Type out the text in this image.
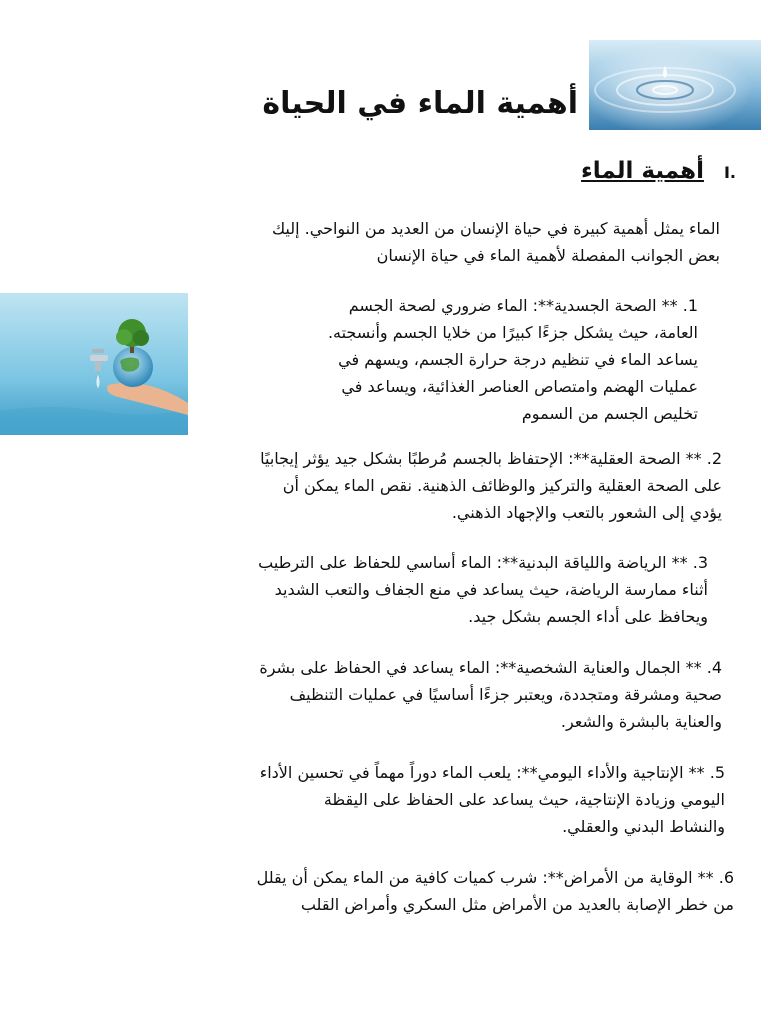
أهمية الماء في الحياة
I.
أهمية الماء
الماء يمثل أهمية كبيرة في حياة الإنسان من العديد من النواحي. إليك
بعض الجوانب المفصلة لأهمية الماء في حياة الإنسان
1. ** الصحة الجسدية**: الماء ضروري لصحة الجسم
العامة، حيث يشكل جزءًا كبيرًا من خلايا الجسم وأنسجته.
يساعد الماء في تنظيم درجة حرارة الجسم، ويسهم في
عمليات الهضم وامتصاص العناصر الغذائية، ويساعد في
تخليص الجسم من السموم
2. ** الصحة العقلية**: الإحتفاظ بالجسم مُرطبًا بشكل جيد يؤثر إيجابيًا
على الصحة العقلية والتركيز والوظائف الذهنية. نقص الماء يمكن أن
يؤدي إلى الشعور بالتعب والإجهاد الذهني.
3. ** الرياضة واللياقة البدنية**: الماء أساسي للحفاظ على الترطيب
أثناء ممارسة الرياضة، حيث يساعد في منع الجفاف والتعب الشديد
ويحافظ على أداء الجسم بشكل جيد.
4. ** الجمال والعناية الشخصية**: الماء يساعد في الحفاظ على بشرة
صحية ومشرقة ومتجددة، ويعتبر جزءًا أساسيًا في عمليات التنظيف
والعناية بالبشرة والشعر.
5. ** الإنتاجية والأداء اليومي**: يلعب الماء دوراً مهماً في تحسين الأداء
اليومي وزيادة الإنتاجية، حيث يساعد على الحفاظ على اليقظة
والنشاط البدني والعقلي.
6. ** الوقاية من الأمراض**: شرب كميات كافية من الماء يمكن أن يقلل
من خطر الإصابة بالعديد من الأمراض مثل السكري وأمراض القلب
